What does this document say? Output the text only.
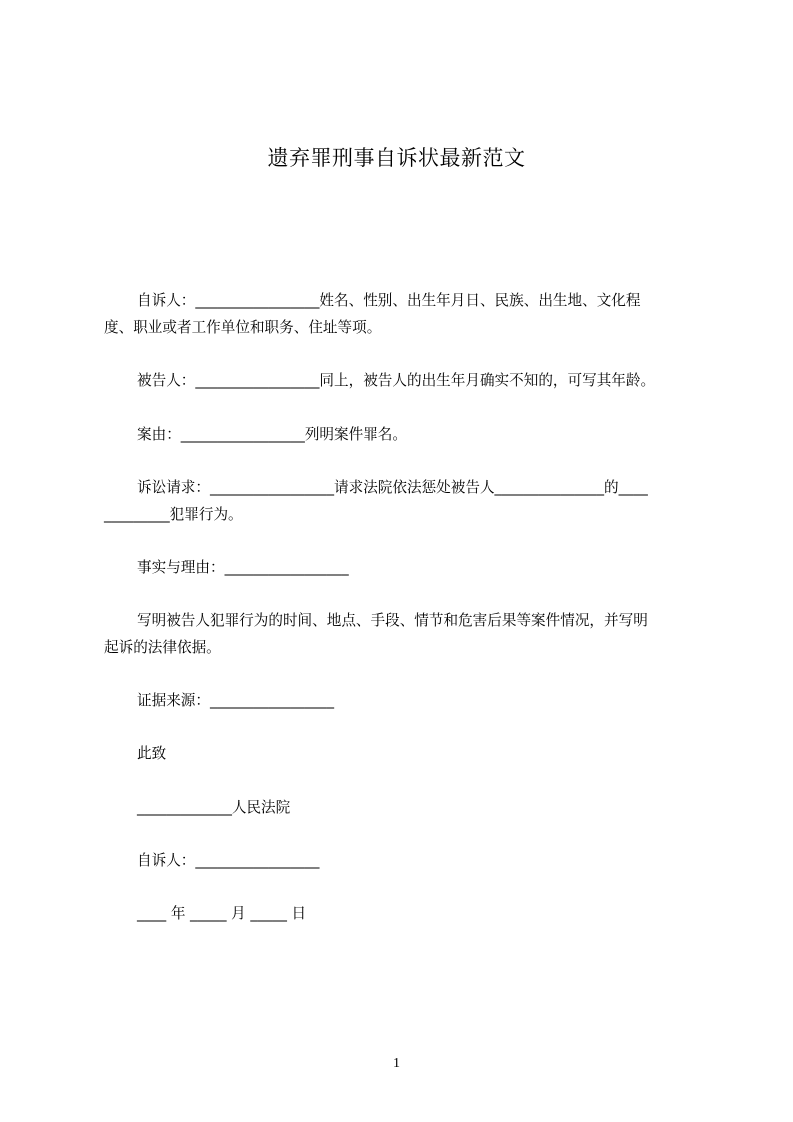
遗弃罪刑事自诉状最新范文
自诉人：_________________姓名、性别、出生年月日、民族、出生地、文化程
度、职业或者工作单位和职务、住址等项。
被告人：_________________同上，被告人的出生年月确实不知的，可写其年龄。
案由：_________________列明案件罪名。
诉讼请求：_________________请求法院依法惩处被告人_______________的____
_________犯罪行为。
事实与理由：_________________
写明被告人犯罪行为的时间、地点、手段、情节和危害后果等案件情况，并写明
起诉的法律依据。
证据来源：_________________
此致
_____________人民法院
自诉人：_________________
____ 年 _____ 月 _____ 日
1
